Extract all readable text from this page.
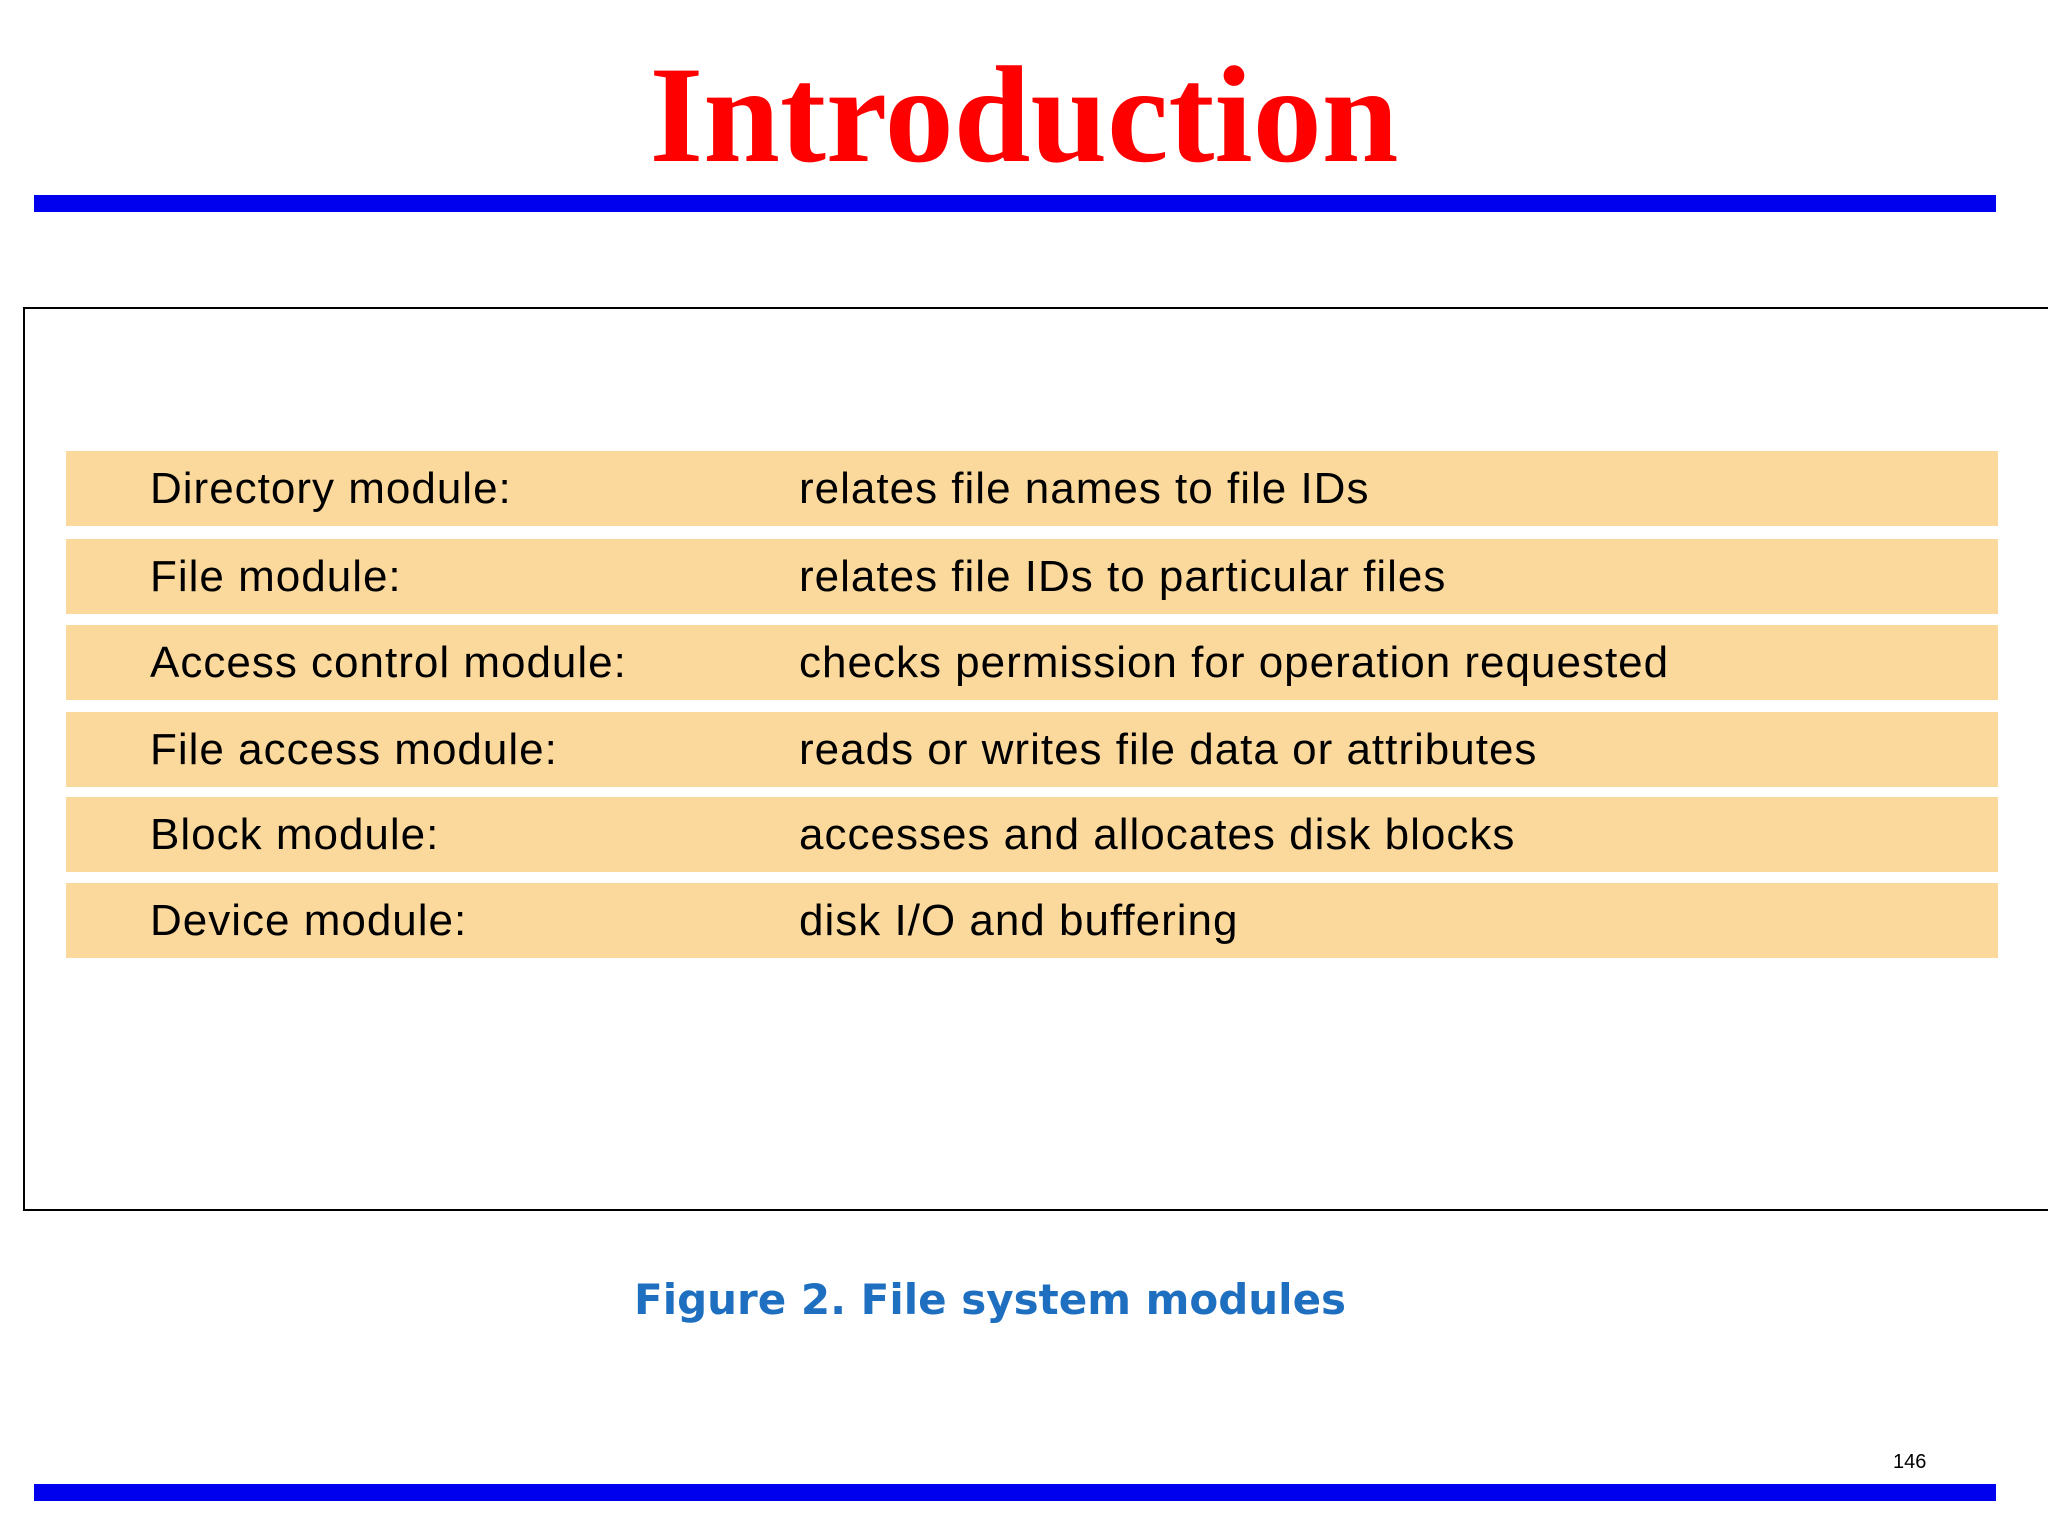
Introduction
Directory module:	relates file names to file IDs
File module:	relates file IDs to particular files
Access control module:	checks permission for operation requested
File access module:	reads or writes file data or attributes
Block module:	accesses and allocates disk blocks
Device module:	disk I/O and buffering
Figure 2. File system modules
146
